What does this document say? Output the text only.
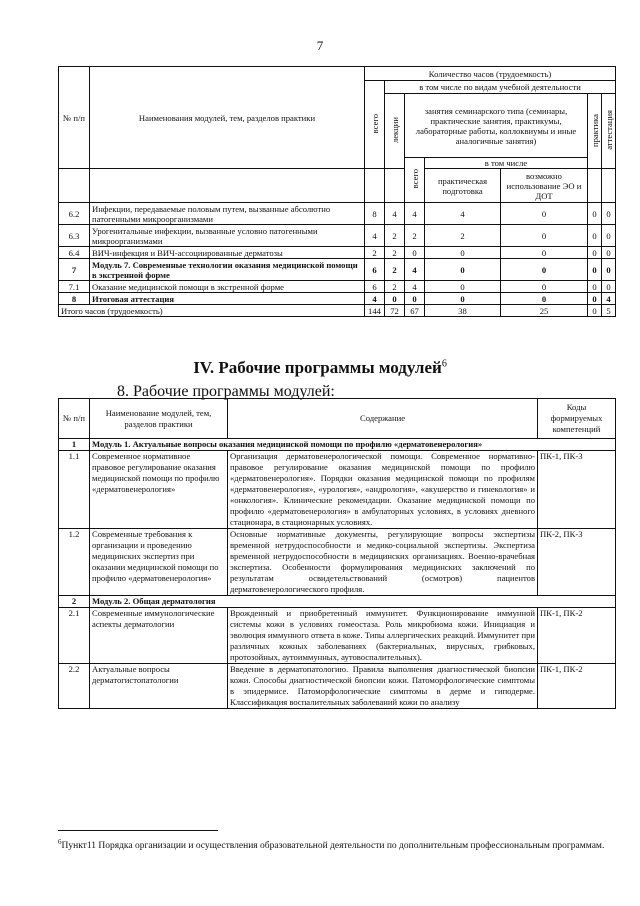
7
№ п/п	Наименования модулей, тем, разделов практики	Количество часов (трудоемкость)						
		всего	в том числе по видам учебной деятельности					
			лекции	занятия семинарского типа (семинары, практические занятия, практикумы, лабораторные работы, коллоквиумы и иные аналогичные занятия)			практика	аттестация
				всего	в том числе			
					практическая подготовка	возможно использование ЭО и ДОТ		
6.2	Инфекции, передаваемые половым путем, вызванные абсолютно патогенными микроорганизмами	8	4	4	4	0	0	0
6.3	Урогенитальные инфекции, вызванные условно патогенными микроорганизмами	4	2	2	2	0	0	0
6.4	ВИЧ-инфекция и ВИЧ-ассоциированные дерматозы	2	2	0	0	0	0	0
7	Модуль 7. Современные технологии оказания медицинской помощи в экстренной форме	6	2	4	0	0	0	0
7.1	Оказание медицинской помощи в экстренной форме	6	2	4	0	0	0	0
8	Итоговая аттестация	4	0	0	0	0	0	4
Итого часов (трудоемкость)		144	72	67	38	25	0	5
IV. Рабочие программы модулей$^6$
8. Рабочие программы модулей:
№ п/п	Наименование модулей, тем, разделов практики	Содержание	Коды формируемых компетенций
1	Модуль 1. Актуальные вопросы оказания медицинской помощи по профилю «дерматовенерология»		
1.1	Современное нормативное правовое регулирование оказания медицинской помощи по профилю «дерматовенерология»	Организация дерматовенерологической помощи. Современное нормативно-правовое регулирование оказания медицинской помощи по профилю «дерматовенерология». Порядки оказания медицинской помощи по профилям «дерматовенерология», «урология», «андрология», «акушерство и гинекология» и «онкология». Клинические рекомендации. Оказание медицинской помощи по профилю «дерматовенерология» в амбулаторных условиях, в условиях дневного стационара, в стационарных условиях.	ПК-1, ПК-3
1.2	Современные требования к организации и проведению медицинских экспертиз при оказании медицинской помощи по профилю «дерматовенерология»	Основные нормативные документы, регулирующие вопросы экспертизы временной нетрудоспособности и медико-социальной экспертизы. Экспертиза временной нетрудоспособности в медицинских организациях. Военно-врачебная экспертиза. Особенности формулирования медицинских заключений по результатам освидетельствований (осмотров) пациентов дерматовенерологического профиля.	ПК-2, ПК-3
2	Модуль 2. Общая дерматология		
2.1	Современные иммунологические аспекты дерматологии	Врожденный и приобретенный иммунитет. Функционирование иммунной системы кожи в условиях гомеостаза. Роль микробиома кожи. Инициация и эволюция иммунного ответа в коже. Типы аллергических реакций. Иммунитет при различных кожных заболеваниях (бактериальных, вирусных, грибковых, протозойных, аутоиммунных, аутовоспалительных).	ПК-1, ПК-2
2.2	Актуальные вопросы дерматогистопатологии	Введение в дерматопатологию. Правила выполнения диагностической биопсии кожи. Способы диагностической биопсии кожи. Патоморфологические симптомы в эпидермисе. Патоморфологические симптомы в дерме и гиподерме. Классификация воспалительных заболеваний кожи по анализу	ПК-1, ПК-2
$^6$Пункт11 Порядка организации и осуществления образовательной деятельности по дополнительным профессиональным программам.
